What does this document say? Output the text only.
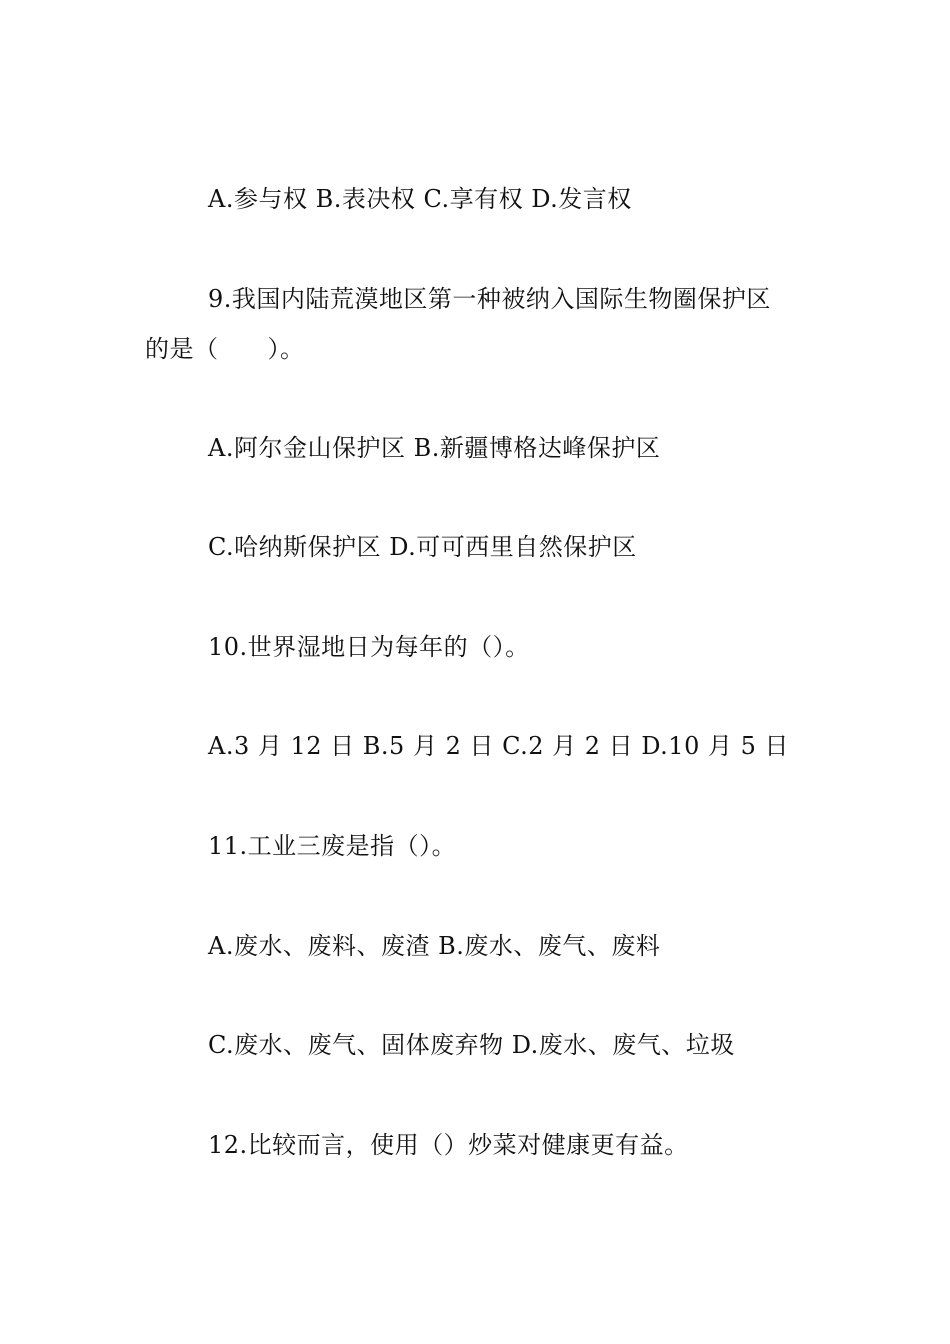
A.参与权 B.表决权 C.享有权 D.发言权
9.我国内陆荒漠地区第一种被纳入国际生物圈保护区
的是（　　）。
A.阿尔金山保护区 B.新疆博格达峰保护区
C.哈纳斯保护区 D.可可西里自然保护区
10.世界湿地日为每年的（）。
A.3 月 12 日 B.5 月 2 日 C.2 月 2 日 D.10 月 5 日
11.工业三废是指（）。
A.废水、废料、废渣 B.废水、废气、废料
C.废水、废气、固体废弃物 D.废水、废气、垃圾
12.比较而言，使用（）炒菜对健康更有益。
